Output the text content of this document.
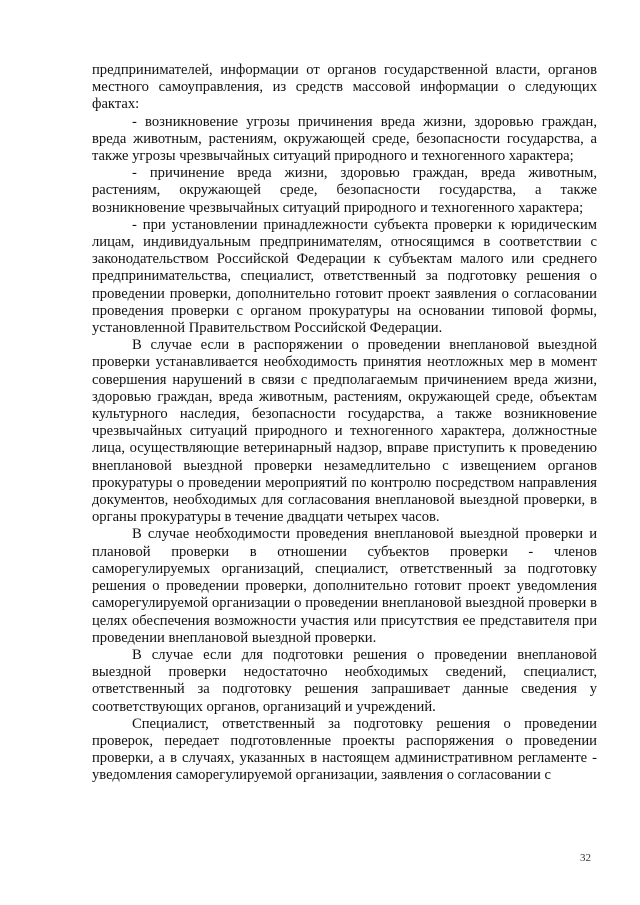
предпринимателей, информации от органов государственной власти, органов местного самоуправления, из средств массовой информации о следующих фактах:

- возникновение угрозы причинения вреда жизни, здоровью граждан, вреда животным, растениям, окружающей среде, безопасности государства, а также угрозы чрезвычайных ситуаций природного и техногенного характера;

- причинение вреда жизни, здоровью граждан, вреда животным, растениям, окружающей среде, безопасности государства, а также возникновение чрезвычайных ситуаций природного и техногенного характера;

- при установлении принадлежности субъекта проверки к юридическим лицам, индивидуальным предпринимателям, относящимся в соответствии с законодательством Российской Федерации к субъектам малого или среднего предпринимательства, специалист, ответственный за подготовку решения о проведении проверки, дополнительно готовит проект заявления о согласовании проведения проверки с органом прокуратуры на основании типовой формы, установленной Правительством Российской Федерации.

В случае если в распоряжении о проведении внеплановой выездной проверки устанавливается необходимость принятия неотложных мер в момент совершения нарушений в связи с предполагаемым причинением вреда жизни, здоровью граждан, вреда животным, растениям, окружающей среде, объектам культурного наследия, безопасности государства, а также возникновение чрезвычайных ситуаций природного и техногенного характера, должностные лица, осуществляющие ветеринарный надзор, вправе приступить к проведению внеплановой выездной проверки незамедлительно с извещением органов прокуратуры о проведении мероприятий по контролю посредством направления документов, необходимых для согласования внеплановой выездной проверки, в органы прокуратуры в течение двадцати четырех часов.

В случае необходимости проведения внеплановой выездной проверки и плановой проверки в отношении субъектов проверки - членов саморегулируемых организаций, специалист, ответственный за подготовку решения о проведении проверки, дополнительно готовит проект уведомления саморегулируемой организации о проведении внеплановой выездной проверки в целях обеспечения возможности участия или присутствия ее представителя при проведении внеплановой выездной проверки.

В случае если для подготовки решения о проведении внеплановой выездной проверки недостаточно необходимых сведений, специалист, ответственный за подготовку решения запрашивает данные сведения у соответствующих органов, организаций и учреждений.

Специалист, ответственный за подготовку решения о проведении проверок, передает подготовленные проекты распоряжения о проведении проверки, а в случаях, указанных в настоящем административном регламенте - уведомления саморегулируемой организации, заявления о согласовании с

32
